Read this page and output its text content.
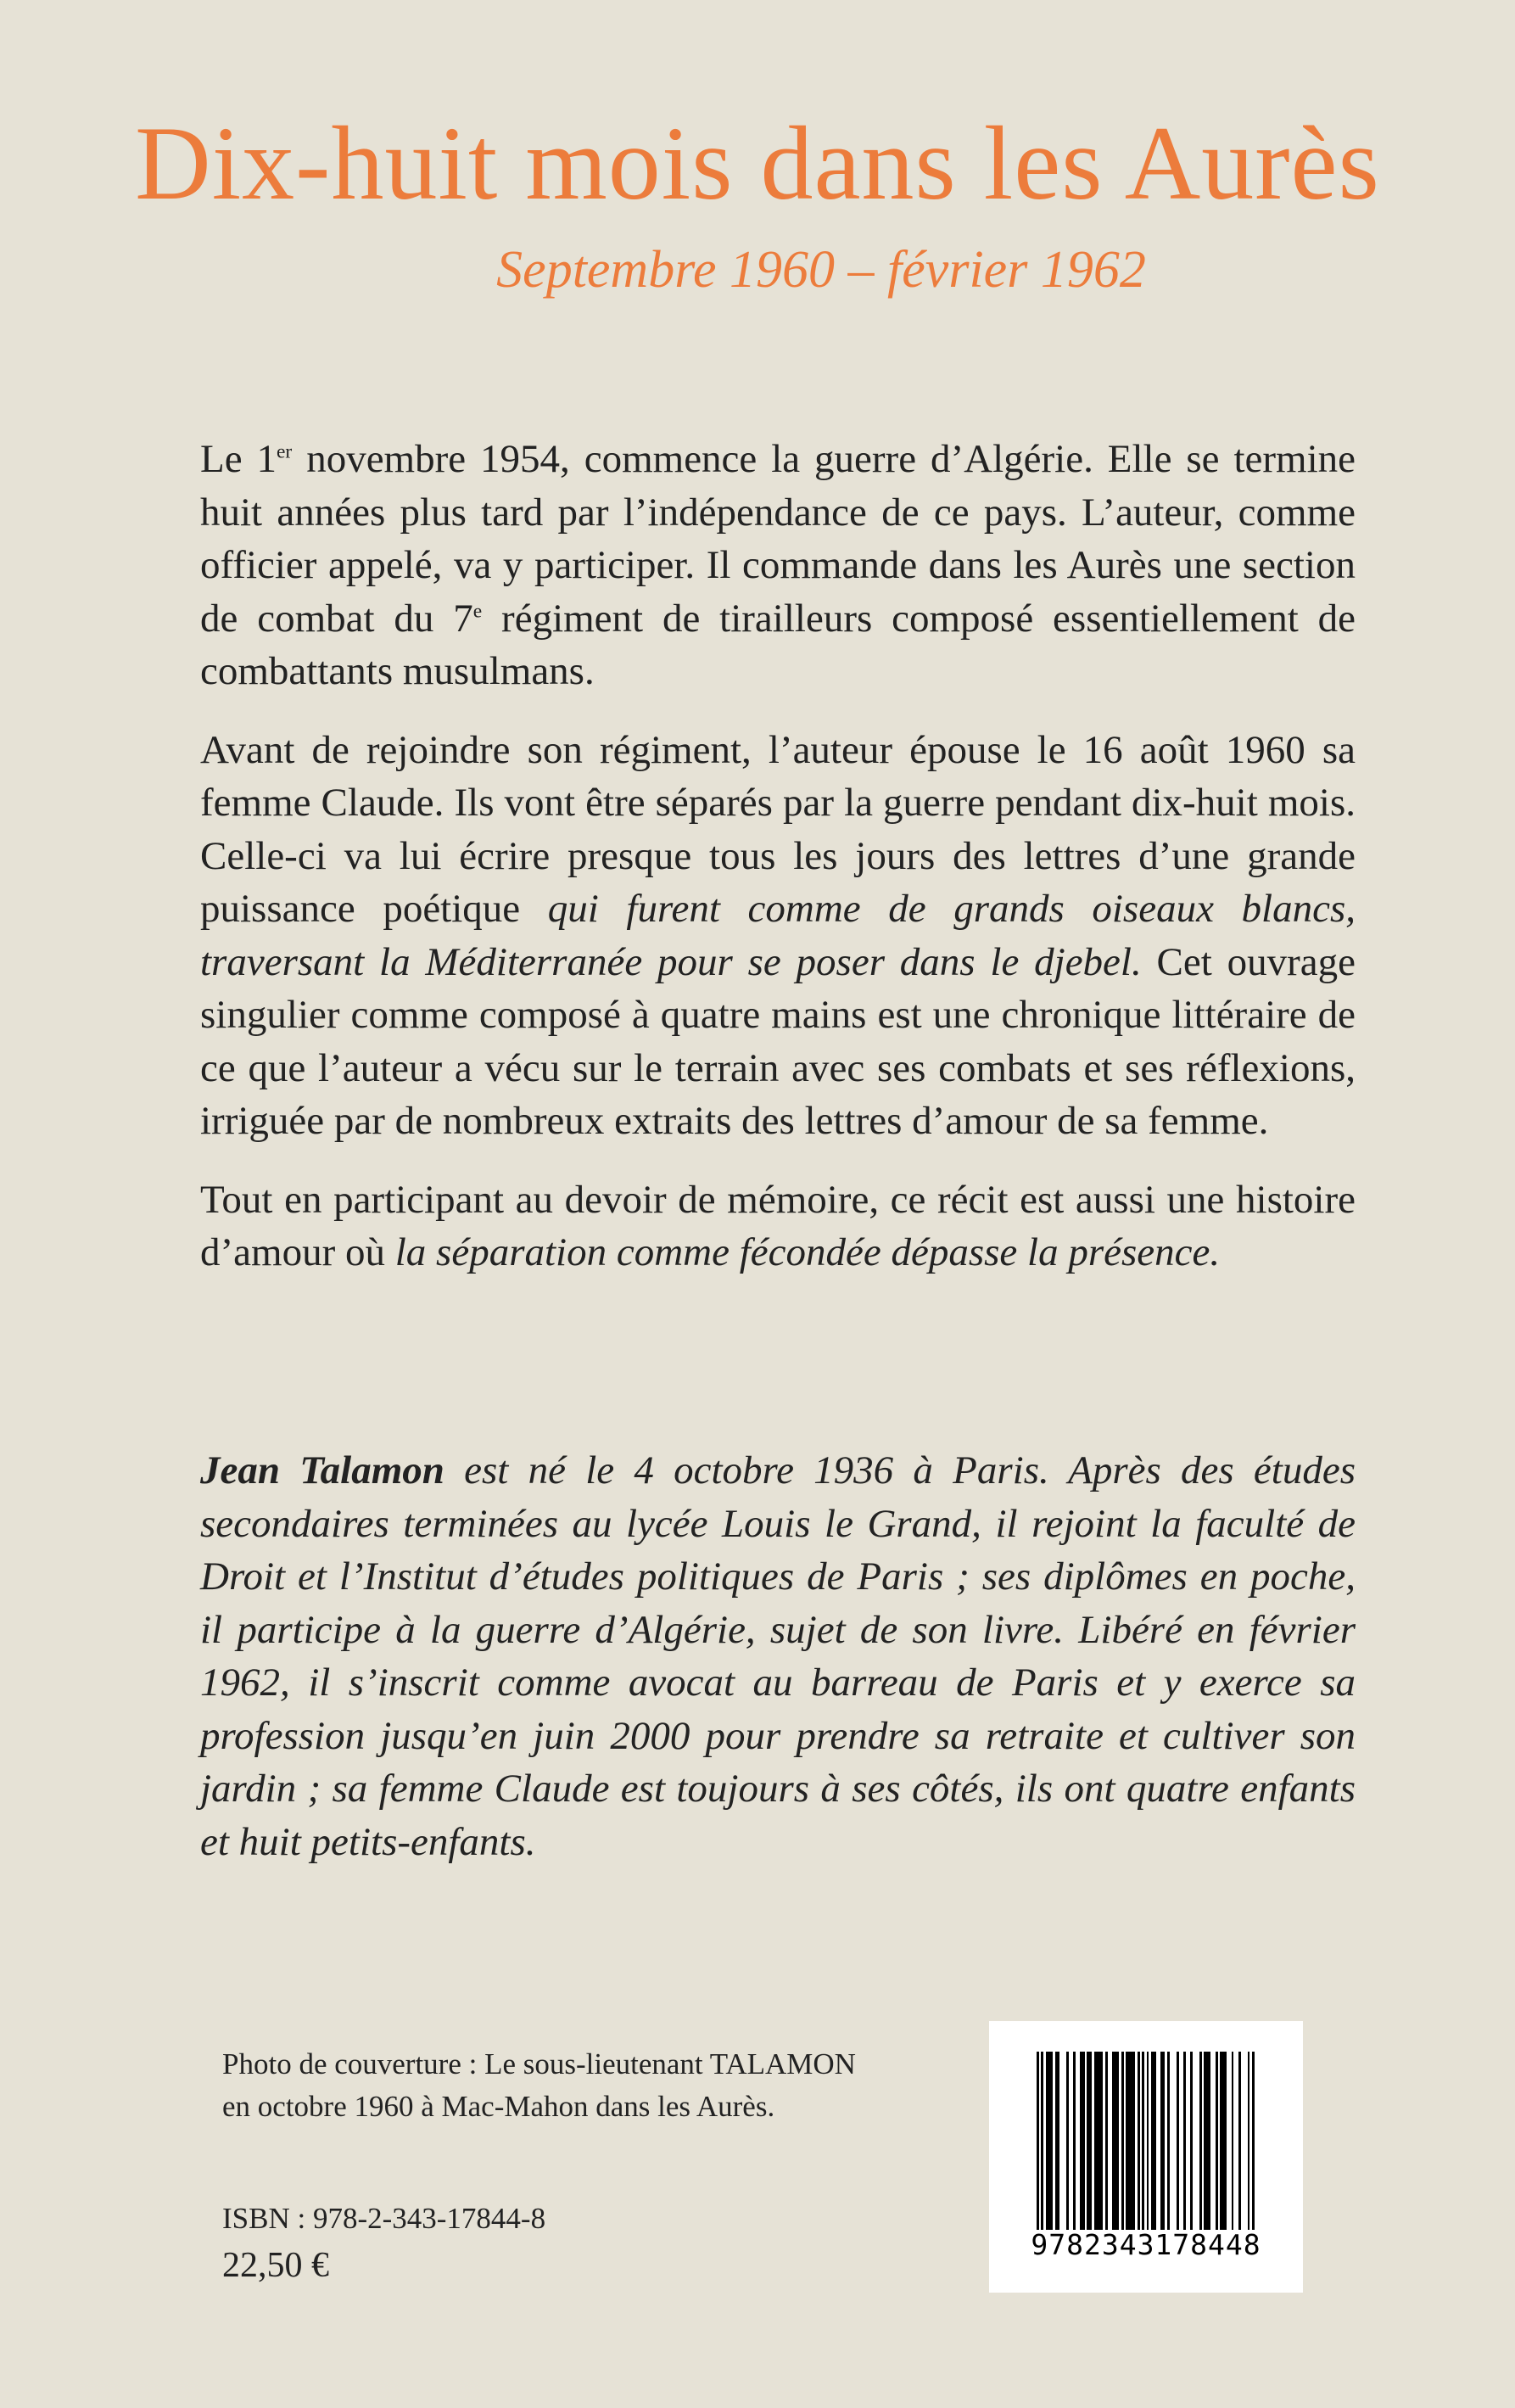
Dix-huit mois dans les Aurès
Septembre 1960 – février 1962

Le 1er novembre 1954, commence la guerre d’Algérie. Elle se termine huit années plus tard par l’indépendance de ce pays. L’auteur, comme officier appelé, va y participer. Il commande dans les Aurès une section de combat du 7e régiment de tirailleurs composé essentiellement de combattants musulmans.

Avant de rejoindre son régiment, l’auteur épouse le 16 août 1960 sa femme Claude. Ils vont être séparés par la guerre pendant dix-huit mois. Celle-ci va lui écrire presque tous les jours des lettres d’une grande puissance poétique qui furent comme de grands oiseaux blancs, traversant la Méditerranée pour se poser dans le djebel. Cet ouvrage singulier comme composé à quatre mains est une chronique littéraire de ce que l’auteur a vécu sur le terrain avec ses combats et ses réflexions, irriguée par de nombreux extraits des lettres d’amour de sa femme.

Tout en participant au devoir de mémoire, ce récit est aussi une histoire d’amour où la séparation comme fécondée dépasse la présence.

Jean Talamon est né le 4 octobre 1936 à Paris. Après des études secondaires terminées au lycée Louis le Grand, il rejoint la faculté de Droit et l’Institut d’études politiques de Paris ; ses diplômes en poche, il participe à la guerre d’Algérie, sujet de son livre. Libéré en février 1962, il s’inscrit comme avocat au barreau de Paris et y exerce sa profession jusqu’en juin 2000 pour prendre sa retraite et cultiver son jardin ; sa femme Claude est toujours à ses côtés, ils ont quatre enfants et huit petits-enfants.

Photo de couverture : Le sous-lieutenant TALAMON
en octobre 1960 à Mac-Mahon dans les Aurès.
ISBN : 978-2-343-17844-8
22,50 €
9782343178448
